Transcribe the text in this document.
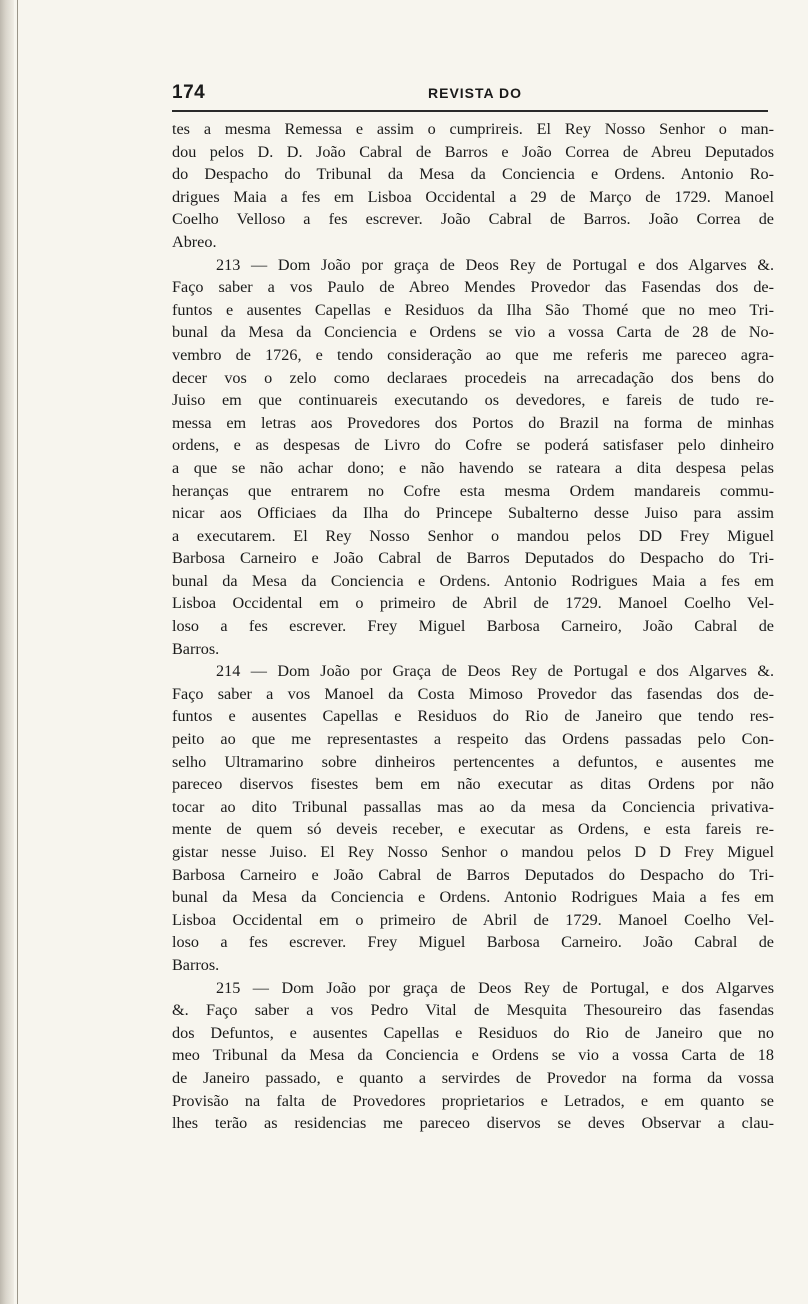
174	REVISTA DO
tes a mesma Remessa e assim o cumprireis. El Rey Nosso Senhor o man-
dou pelos D. D. João Cabral de Barros e João Correa de Abreu Deputados
do Despacho do Tribunal da Mesa da Conciencia e Ordens. Antonio Ro-
drigues Maia a fes em Lisboa Occidental a 29 de Março de 1729. Manoel
Coelho Velloso a fes escrever. João Cabral de Barros. João Correa de
Abreo.
213 — Dom João por graça de Deos Rey de Portugal e dos Algarves &.
Faço saber a vos Paulo de Abreo Mendes Provedor das Fasendas dos de-
funtos e ausentes Capellas e Residuos da Ilha São Thomé que no meo Tri-
bunal da Mesa da Conciencia e Ordens se vio a vossa Carta de 28 de No-
vembro de 1726, e tendo consideração ao que me referis me pareceo agra-
decer vos o zelo como declaraes procedeis na arrecadação dos bens do
Juiso em que continuareis executando os devedores, e fareis de tudo re-
messa em letras aos Provedores dos Portos do Brazil na forma de minhas
ordens, e as despesas de Livro do Cofre se poderá satisfaser pelo dinheiro
a que se não achar dono; e não havendo se rateara a dita despesa pelas
heranças que entrarem no Cofre esta mesma Ordem mandareis commu-
nicar aos Officiaes da Ilha do Princepe Subalterno desse Juiso para assim
a executarem. El Rey Nosso Senhor o mandou pelos DD Frey Miguel
Barbosa Carneiro e João Cabral de Barros Deputados do Despacho do Tri-
bunal da Mesa da Conciencia e Ordens. Antonio Rodrigues Maia a fes em
Lisboa Occidental em o primeiro de Abril de 1729. Manoel Coelho Vel-
loso a fes escrever. Frey Miguel Barbosa Carneiro, João Cabral de
Barros.
214 — Dom João por Graça de Deos Rey de Portugal e dos Algarves &.
Faço saber a vos Manoel da Costa Mimoso Provedor das fasendas dos de-
funtos e ausentes Capellas e Residuos do Rio de Janeiro que tendo res-
peito ao que me representastes a respeito das Ordens passadas pelo Con-
selho Ultramarino sobre dinheiros pertencentes a defuntos, e ausentes me
pareceo diservos fisestes bem em não executar as ditas Ordens por não
tocar ao dito Tribunal passallas mas ao da mesa da Conciencia privativa-
mente de quem só deveis receber, e executar as Ordens, e esta fareis re-
gistar nesse Juiso. El Rey Nosso Senhor o mandou pelos D D Frey Miguel
Barbosa Carneiro e João Cabral de Barros Deputados do Despacho do Tri-
bunal da Mesa da Conciencia e Ordens. Antonio Rodrigues Maia a fes em
Lisboa Occidental em o primeiro de Abril de 1729. Manoel Coelho Vel-
loso a fes escrever. Frey Miguel Barbosa Carneiro. João Cabral de
Barros.
215 — Dom João por graça de Deos Rey de Portugal, e dos Algarves
&. Faço saber a vos Pedro Vital de Mesquita Thesoureiro das fasendas
dos Defuntos, e ausentes Capellas e Residuos do Rio de Janeiro que no
meo Tribunal da Mesa da Conciencia e Ordens se vio a vossa Carta de 18
de Janeiro passado, e quanto a servirdes de Provedor na forma da vossa
Provisão na falta de Provedores proprietarios e Letrados, e em quanto se
lhes terão as residencias me pareceo diservos se deves Observar a clau-
